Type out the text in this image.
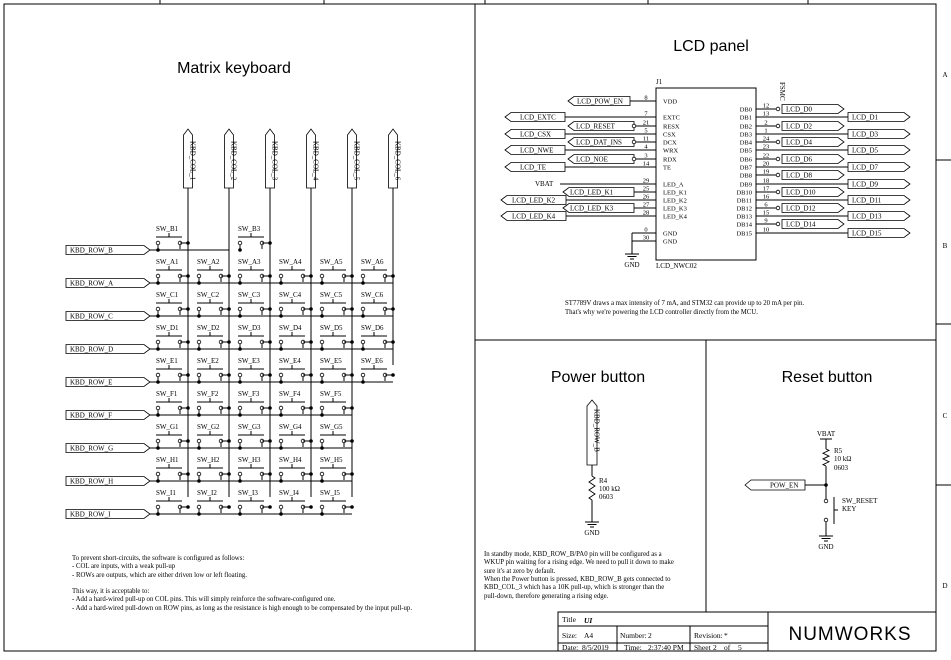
Matrix keyboard
LCD panel
Power button	Reset button
A
B
C
D
KBD_COL_1	KBD_COL_2	KBD_COL_3	KBD_COL_4	KBD_COL_5	KBD_COL_6
KBD_ROW_B
KBD_ROW_A
KBD_ROW_C
KBD_ROW_D
KBD_ROW_E
KBD_ROW_F
KBD_ROW_G
KBD_ROW_H
KBD_ROW_I
SW_B1	SW_B3
SW_A1	SW_A2	SW_A3	SW_A4	SW_A5	SW_A6
SW_C1	SW_C2	SW_C3	SW_C4	SW_C5	SW_C6
SW_D1	SW_D2	SW_D3	SW_D4	SW_D5	SW_D6
SW_E1	SW_E2	SW_E3	SW_E4	SW_E5	SW_E6
SW_F1	SW_F2	SW_F3	SW_F4	SW_F5
SW_G1	SW_G2	SW_G3	SW_G4	SW_G5
SW_H1	SW_H2	SW_H3	SW_H4	SW_H5
SW_I1	SW_I2	SW_I3	SW_I4	SW_I5
J1
LCD_NWC02
FSMC
8
VDD
7
EXTC
21
RESX
5
CSX
11
DCX
4
WRX
3
RDX
14
TE
29
LED_A
25
LED_K1
26
LED_K2
27
LED_K3
28
LED_K4
0
GND
30
GND
LCD_POW_EN
LCD_EXTC
LCD_CSX
LCD_NWE
LCD_TE
LCD_RESET
LCD_DAT_INS
LCD_NOE
VBAT
LCD_LED_K1
LCD_LED_K3
LCD_LED_K2
LCD_LED_K4
GND
12
DB0	LCD_D0
13
DB1	LCD_D1
2
DB2	LCD_D2
1
DB3	LCD_D3
24
DB4	LCD_D4
23
DB5	LCD_D5
22
DB6	LCD_D6
20
DB7	LCD_D7
19
DB8	LCD_D8
18
DB9	LCD_D9
17
DB10	LCD_D10
16
DB11	LCD_D11
6
DB12	LCD_D12
15
DB13	LCD_D13
9
DB14	LCD_D14
10
DB15	LCD_D15
KBD_ROW_B
R4
100 kΩ
0603
GND
VBAT
R5
10 kΩ
0603
POW_EN
SW_RESET
KEY
GND
To prevent short-circuits, the software is configured as follows:
- COL are inputs, with a weak pull-up
- ROWs are outputs, which are either driven low or left floating.
This way, it is acceptable to:
- Add a hard-wired pull-up on COL pins. This will simply reinforce the software-configured one.
- Add a hard-wired pull-down on ROW pins, as long as the resistance is high enough to be compensated by the input pull-up.
ST7789V draws a max intensity of 7 mA, and STM32 can provide up to 20 mA per pin.
That's why we're powering the LCD controller directly from the MCU.
In standby mode, KBD_ROW_B/PA0 pin will be configured as a
WKUP pin waiting for a rising edge. We need to pull it down to make
sure it's at zero by default.
When the Power button is pressed, KBD_ROW_B gets connected to
KBD_COL_3 which has a 10K pull-up, which is stronger than the
pull-down, therefore generating a rising edge.
Title UI
Size: A4	Number: 2	Revision: *
Date: 8/5/2019 Time: 2:37:40 PM Sheet 2 of 5
NUMWORKS
